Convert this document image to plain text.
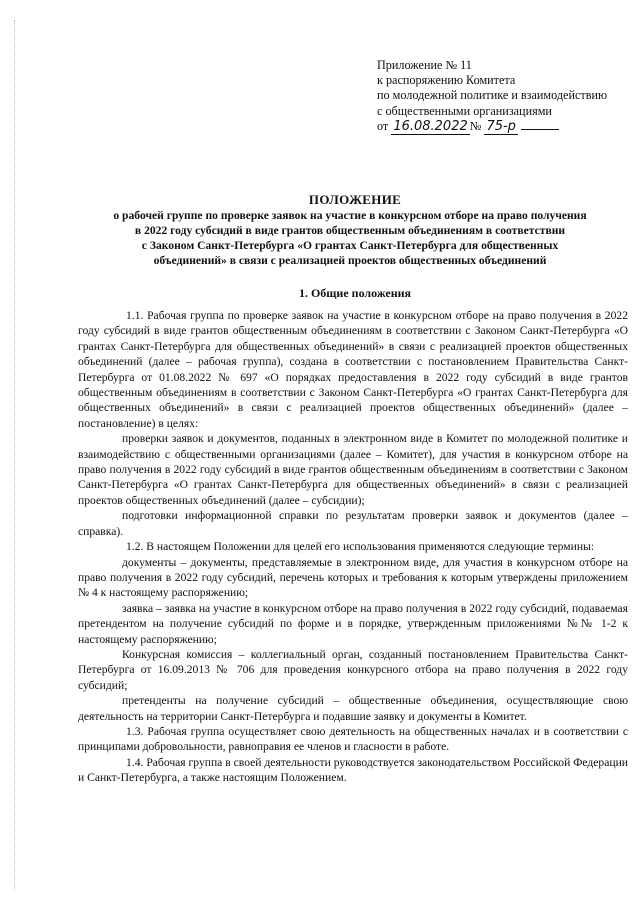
Приложение № 11
к распоряжению Комитета
по молодежной политике и взаимодействию
с общественными организациями
от 16.08.2022 № 75-р
ПОЛОЖЕНИЕ
о рабочей группе по проверке заявок на участие в конкурсном отборе на право получения
в 2022 году субсидий в виде грантов общественным объединениям в соответствии
с Законом Санкт-Петербурга «О грантах Санкт-Петербурга для общественных
объединений» в связи с реализацией проектов общественных объединений
1. Общие положения

1.1. Рабочая группа по проверке заявок на участие в конкурсном отборе на право получения в 2022 году субсидий в виде грантов общественным объединениям в соответствии с Законом Санкт-Петербурга «О грантах Санкт-Петербурга для общественных объединений» в связи с реализацией проектов общественных объединений (далее – рабочая группа), создана в соответствии с постановлением Правительства Санкт-Петербурга от 01.08.2022 № 697 «О порядках предоставления в 2022 году субсидий в виде грантов общественным объединениям в соответствии с Законом Санкт-Петербурга «О грантах Санкт-Петербурга для общественных объединений» в связи с реализацией проектов общественных объединений» (далее – постановление) в целях:

проверки заявок и документов, поданных в электронном виде в Комитет по молодежной политике и взаимодействию с общественными организациями (далее – Комитет), для участия в конкурсном отборе на право получения в 2022 году субсидий в виде грантов общественным объединениям в соответствии с Законом Санкт-Петербурга «О грантах Санкт-Петербурга для общественных объединений» в связи с реализацией проектов общественных объединений (далее – субсидии);

подготовки информационной справки по результатам проверки заявок и документов (далее – справка).

1.2. В настоящем Положении для целей его использования применяются следующие термины:

документы – документы, представляемые в электронном виде, для участия в конкурсном отборе на право получения в 2022 году субсидий, перечень которых и требования к которым утверждены приложением № 4 к настоящему распоряжению;

заявка – заявка на участие в конкурсном отборе на право получения в 2022 году субсидий, подаваемая претендентом на получение субсидий по форме и в порядке, утвержденным приложениями №№ 1-2 к настоящему распоряжению;

Конкурсная комиссия – коллегиальный орган, созданный постановлением Правительства Санкт-Петербурга от 16.09.2013 № 706 для проведения конкурсного отбора на право получения в 2022 году субсидий;

претенденты на получение субсидий – общественные объединения, осуществляющие свою деятельность на территории Санкт-Петербурга и подавшие заявку и документы в Комитет.

1.3. Рабочая группа осуществляет свою деятельность на общественных началах и в соответствии с принципами добровольности, равноправия ее членов и гласности в работе.

1.4. Рабочая группа в своей деятельности руководствуется законодательством Российской Федерации и Санкт-Петербурга, а также настоящим Положением.
